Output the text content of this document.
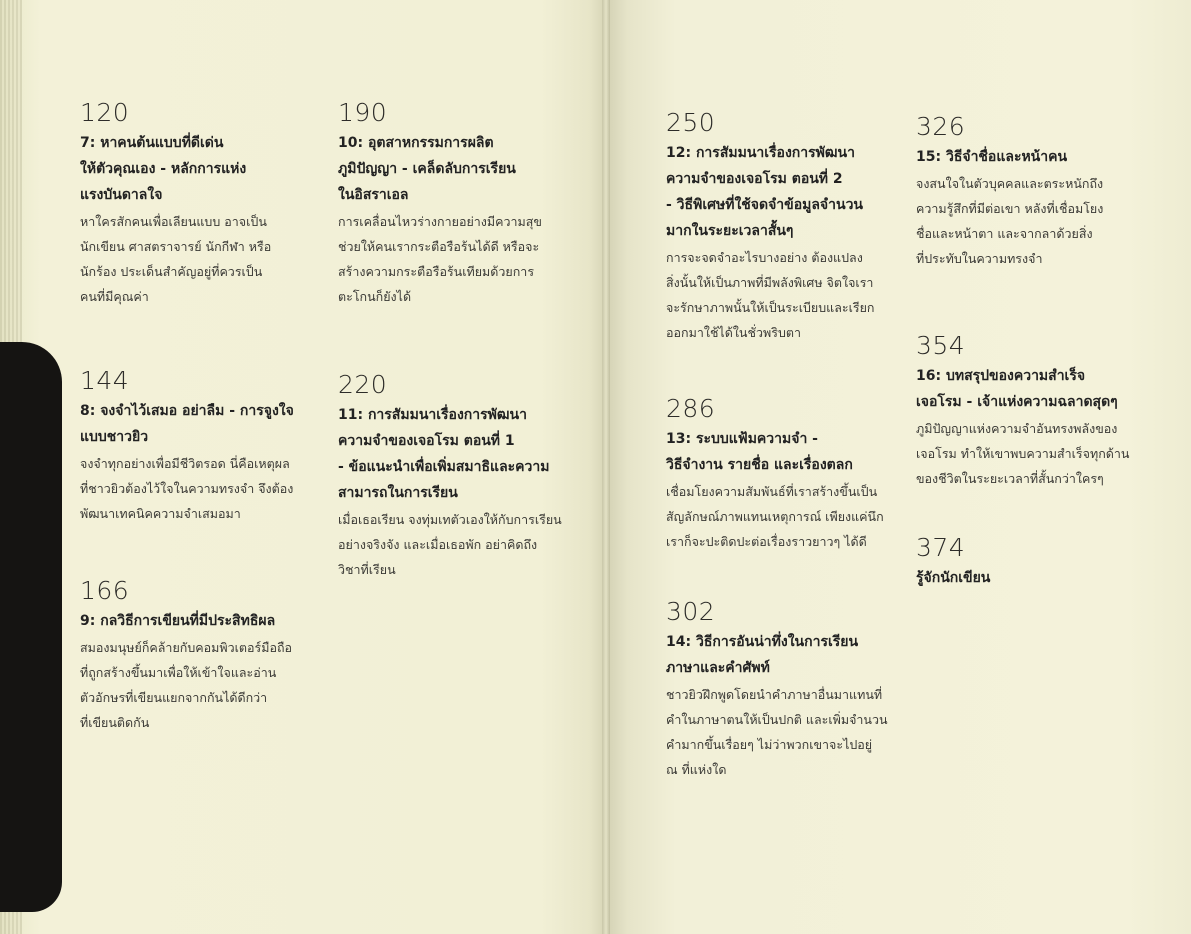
120
7: หาคนต้นแบบที่ดีเด่น
ให้ตัวคุณเอง - หลักการแห่ง
แรงบันดาลใจ
หาใครสักคนเพื่อเลียนแบบ อาจเป็น
นักเขียน ศาสตราจารย์ นักกีฬา หรือ
นักร้อง ประเด็นสำคัญอยู่ที่ควรเป็น
คนที่มีคุณค่า
144
8: จงจำไว้เสมอ อย่าลืม - การจูงใจ
แบบชาวยิว
จงจำทุกอย่างเพื่อมีชีวิตรอด นี่คือเหตุผล
ที่ชาวยิวต้องไว้ใจในความทรงจำ จึงต้อง
พัฒนาเทคนิคความจำเสมอมา
166
9: กลวิธีการเขียนที่มีประสิทธิผล
สมองมนุษย์ก็คล้ายกับคอมพิวเตอร์มือถือ
ที่ถูกสร้างขึ้นมาเพื่อให้เข้าใจและอ่าน
ตัวอักษรที่เขียนแยกจากกันได้ดีกว่า
ที่เขียนติดกัน
190
10: อุตสาหกรรมการผลิต
ภูมิปัญญา - เคล็ดลับการเรียน
ในอิสราเอล
การเคลื่อนไหวร่างกายอย่างมีความสุข
ช่วยให้คนเรากระตือรือร้นได้ดี หรือจะ
สร้างความกระตือรือร้นเทียมด้วยการ
ตะโกนก็ยังได้
220
11: การสัมมนาเรื่องการพัฒนา
ความจำของเจอโรม ตอนที่ 1
- ข้อแนะนำเพื่อเพิ่มสมาธิและความ
สามารถในการเรียน
เมื่อเธอเรียน จงทุ่มเทตัวเองให้กับการเรียน
อย่างจริงจัง และเมื่อเธอพัก อย่าคิดถึง
วิชาที่เรียน
250
12: การสัมมนาเรื่องการพัฒนา
ความจำของเจอโรม ตอนที่ 2
- วิธีพิเศษที่ใช้จดจำข้อมูลจำนวน
มากในระยะเวลาสั้นๆ
การจะจดจำอะไรบางอย่าง ต้องแปลง
สิ่งนั้นให้เป็นภาพที่มีพลังพิเศษ จิตใจเรา
จะรักษาภาพนั้นให้เป็นระเบียบและเรียก
ออกมาใช้ได้ในชั่วพริบตา
286
13: ระบบแฟ้มความจำ -
วิธีจำงาน รายชื่อ และเรื่องตลก
เชื่อมโยงความสัมพันธ์ที่เราสร้างขึ้นเป็น
สัญลักษณ์ภาพแทนเหตุการณ์ เพียงแค่นึก
เราก็จะปะติดปะต่อเรื่องราวยาวๆ ได้ดี
302
14: วิธีการอันน่าทึ่งในการเรียน
ภาษาและคำศัพท์
ชาวยิวฝึกพูดโดยนำคำภาษาอื่นมาแทนที่
คำในภาษาตนให้เป็นปกติ และเพิ่มจำนวน
คำมากขึ้นเรื่อยๆ ไม่ว่าพวกเขาจะไปอยู่
ณ ที่แห่งใด
326
15: วิธีจำชื่อและหน้าคน
จงสนใจในตัวบุคคลและตระหนักถึง
ความรู้สึกที่มีต่อเขา หลังที่เชื่อมโยง
ชื่อและหน้าตา และจากลาด้วยสิ่ง
ที่ประทับในความทรงจำ
354
16: บทสรุปของความสำเร็จ
เจอโรม - เจ้าแห่งความฉลาดสุดๆ
ภูมิปัญญาแห่งความจำอันทรงพลังของ
เจอโรม ทำให้เขาพบความสำเร็จทุกด้าน
ของชีวิตในระยะเวลาที่สั้นกว่าใครๆ
374
รู้จักนักเขียน
